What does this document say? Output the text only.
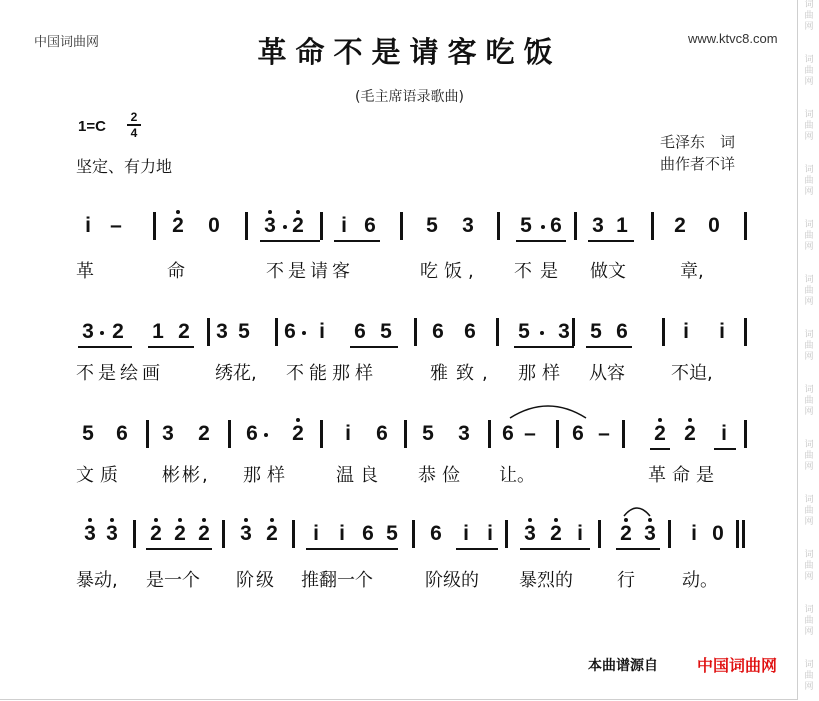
词
曲
网
词
曲
网
词
曲
网
词
曲
网
词
曲
网
词
曲
网
词
曲
网
词
曲
网
词
曲
网
词
曲
网
词
曲
网
词
曲
网
词
曲
网
中国词曲网	www.ktvc8.com
革命不是请客吃饭
(毛主席语录歌曲)
1=C
2
4
坚定、有力地
毛泽东　词
曲作者不详
i – 2 0 3 2 i 6 5 3 5 6 3 1 2 0
3 2 1 2 3 5 6 i 6 5 6 6 5 3 5 6	i i
5 6 3 2 6 2 i 6 5 3 6 – 6 – 2 2 i
3 3 2 2 2 3 2 i i 6 5 6 i i 3 2 i 2 3 i 0
革	命	不是请客	吃饭, 不是 做文	章,
不是绘画	绣花, 不能那样	雅致, 那样 从容	不迫,
文质 彬彬, 那样	温良 恭俭 让。	革命是
暴动, 是一个 阶级 推翻一个	阶级的 暴烈的 行	动。
本曲谱源自 中国词曲网
